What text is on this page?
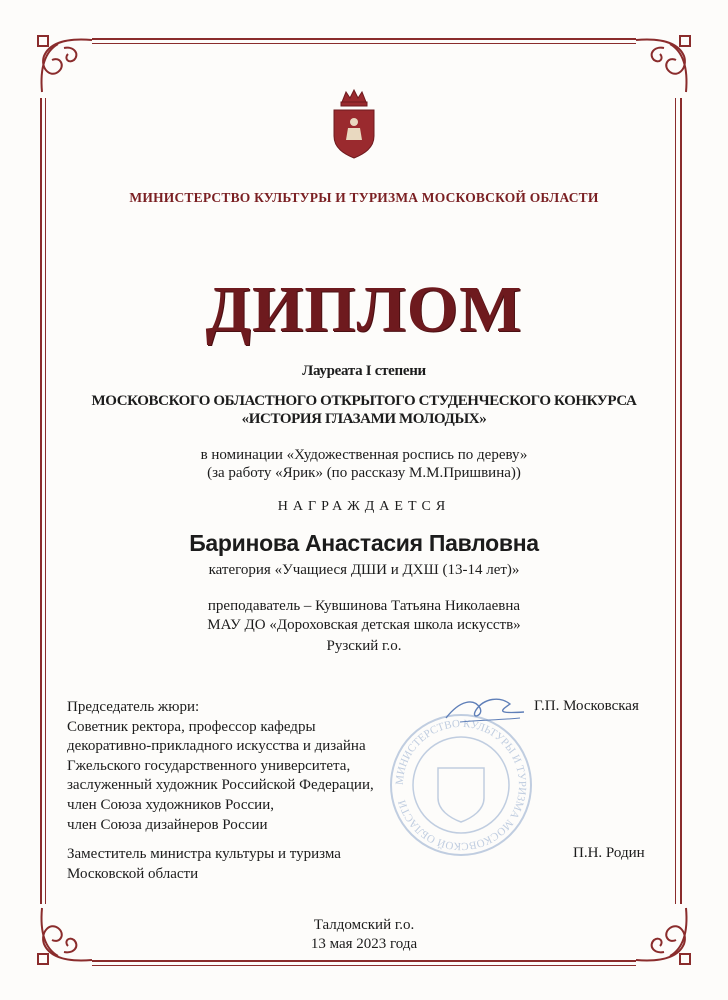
МИНИСТЕРСТВО КУЛЬТУРЫ И ТУРИЗМА МОСКОВСКОЙ ОБЛАСТИ
ДИПЛОМ
Лауреата I степени
МОСКОВСКОГО ОБЛАСТНОГО ОТКРЫТОГО СТУДЕНЧЕСКОГО КОНКУРСА
«ИСТОРИЯ ГЛАЗАМИ МОЛОДЫХ»
в номинации «Художественная роспись по дереву»
(за работу «Ярик» (по рассказу М.М.Пришвина))
НАГРАЖДАЕТСЯ
Баринова Анастасия Павловна
категория «Учащиеся ДШИ и ДХШ (13-14 лет)»
преподаватель – Кувшинова Татьяна Николаевна
МАУ ДО «Дороховская детская школа искусств»
Рузский г.о.
МИНИСТЕРСТВО КУЛЬТУРЫ И ТУРИЗМА МОСКОВСКОЙ ОБЛАСТИ
Председатель жюри:
Советник ректора, профессор кафедры
декоративно-прикладного искусства и дизайна
Гжельского государственного университета,
заслуженный художник Российской Федерации,
член Союза художников России,
член Союза дизайнеров России
Г.П. Московская
Заместитель министра культуры и туризма
Московской области
П.Н. Родин
Талдомский г.о.
13 мая 2023 года
